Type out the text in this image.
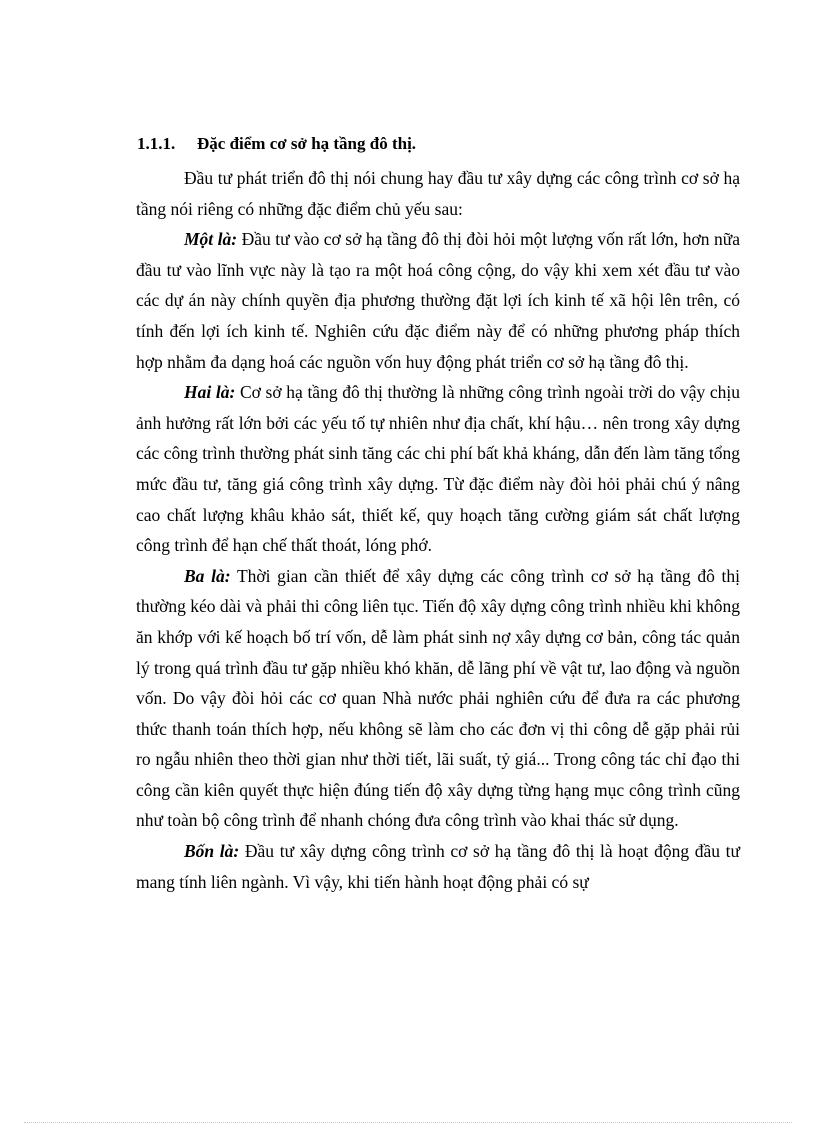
1.1.1. Đặc điểm cơ sở hạ tầng đô thị.

Đầu tư phát triển đô thị nói chung hay đầu tư xây dựng các công trình cơ sở hạ tầng nói riêng có những đặc điểm chủ yếu sau:

Một là: Đầu tư vào cơ sở hạ tầng đô thị đòi hỏi một lượng vốn rất lớn, hơn nữa đầu tư vào lĩnh vực này là tạo ra một hoá công cộng, do vậy khi xem xét đầu tư vào các dự án này chính quyền địa phương thường đặt lợi ích kinh tế xã hội lên trên, có tính đến lợi ích kinh tế. Nghiên cứu đặc điểm này để có những phương pháp thích hợp nhằm đa dạng hoá các nguồn vốn huy động phát triển cơ sở hạ tầng đô thị.

Hai là: Cơ sở hạ tầng đô thị thường là những công trình ngoài trời do vậy chịu ảnh hưởng rất lớn bởi các yếu tố tự nhiên như địa chất, khí hậu… nên trong xây dựng các công trình thường phát sinh tăng các chi phí bất khả kháng, dẫn đến làm tăng tổng mức đầu tư, tăng giá công trình xây dựng. Từ đặc điểm này đòi hỏi phải chú ý nâng cao chất lượng khâu khảo sát, thiết kế, quy hoạch tăng cường giám sát chất lượng công trình để hạn chế thất thoát, lóng phớ.

Ba là: Thời gian cần thiết để xây dựng các công trình cơ sở hạ tầng đô thị thường kéo dài và phải thi công liên tục. Tiến độ xây dựng công trình nhiều khi không ăn khớp với kế hoạch bố trí vốn, dễ làm phát sinh nợ xây dựng cơ bản, công tác quản lý trong quá trình đầu tư gặp nhiều khó khăn, dễ lãng phí về vật tư, lao động và nguồn vốn. Do vậy đòi hỏi các cơ quan Nhà nước phải nghiên cứu để đưa ra các phương thức thanh toán thích hợp, nếu không sẽ làm cho các đơn vị thi công dễ gặp phải rủi ro ngẫu nhiên theo thời gian như thời tiết, lãi suất, tỷ giá... Trong công tác chỉ đạo thi công cần kiên quyết thực hiện đúng tiến độ xây dựng từng hạng mục công trình cũng như toàn bộ công trình để nhanh chóng đưa công trình vào khai thác sử dụng.

Bốn là: Đầu tư xây dựng công trình cơ sở hạ tầng đô thị là hoạt động đầu tư mang tính liên ngành. Vì vậy, khi tiến hành hoạt động phải có sự
